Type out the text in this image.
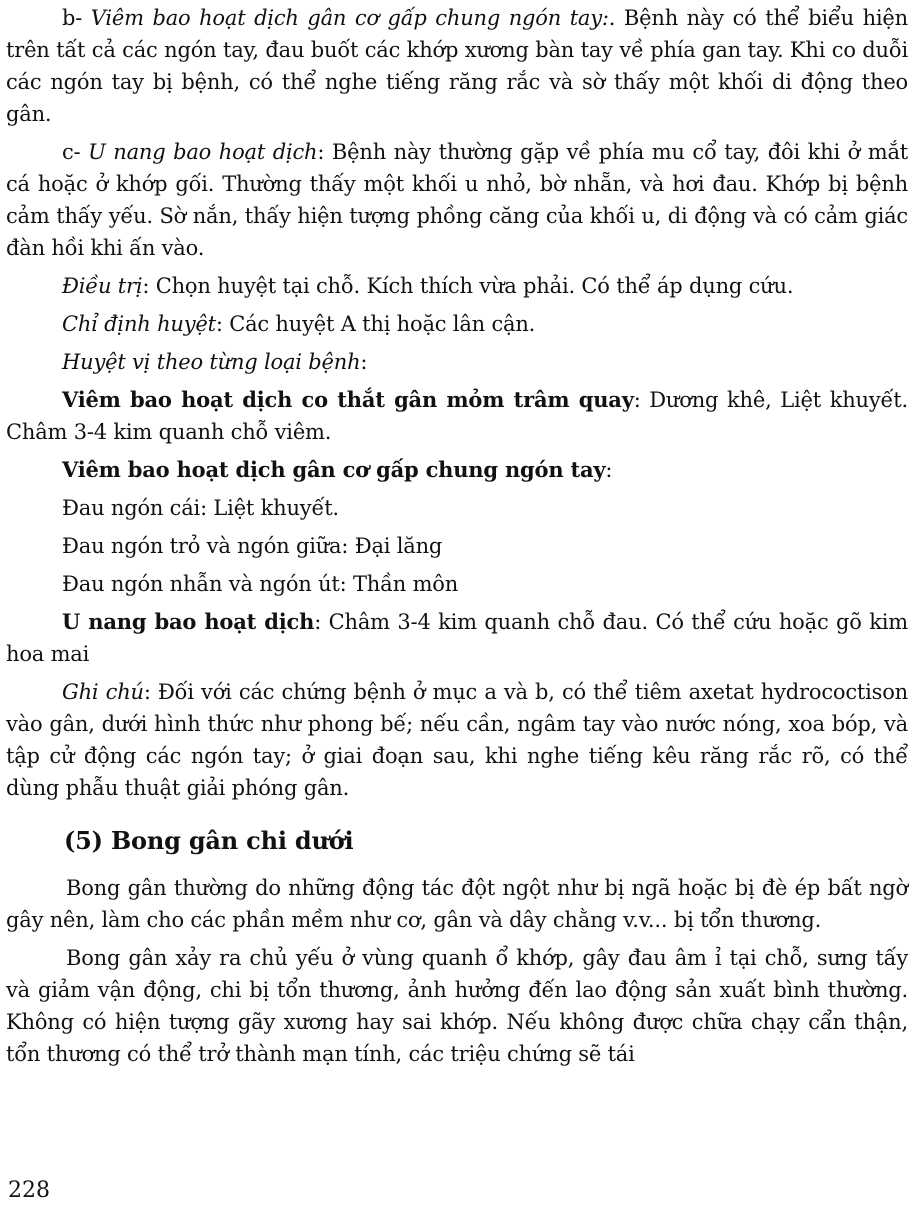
b- Viêm bao hoạt dịch gân cơ gấp chung ngón tay:. Bệnh này có thể biểu hiện trên tất cả các ngón tay, đau buốt các khớp xương bàn tay về phía gan tay. Khi co duỗi các ngón tay bị bệnh, có thể nghe tiếng răng rắc và sờ thấy một khối di động theo gân.

c- U nang bao hoạt dịch: Bệnh này thường gặp về phía mu cổ tay, đôi khi ở mắt cá hoặc ở khớp gối. Thường thấy một khối u nhỏ, bờ nhẵn, và hơi đau. Khớp bị bệnh cảm thấy yếu. Sờ nắn, thấy hiện tượng phồng căng của khối u, di động và có cảm giác đàn hồi khi ấn vào.

Điều trị: Chọn huyệt tại chỗ. Kích thích vừa phải. Có thể áp dụng cứu.

Chỉ định huyệt: Các huyệt A thị hoặc lân cận.

Huyệt vị theo từng loại bệnh:

Viêm bao hoạt dịch co thắt gân mỏm trâm quay: Dương khê, Liệt khuyết. Châm 3-4 kim quanh chỗ viêm.

Viêm bao hoạt dịch gân cơ gấp chung ngón tay:

Đau ngón cái: Liệt khuyết.

Đau ngón trỏ và ngón giữa: Đại lăng

Đau ngón nhẫn và ngón út: Thần môn

U nang bao hoạt dịch: Châm 3-4 kim quanh chỗ đau. Có thể cứu hoặc gõ kim hoa mai

Ghi chú: Đối với các chứng bệnh ở mục a và b, có thể tiêm axetat hydrococtison vào gân, dưới hình thức như phong bế; nếu cần, ngâm tay vào nước nóng, xoa bóp, và tập cử động các ngón tay; ở giai đoạn sau, khi nghe tiếng kêu răng rắc rõ, có thể dùng phẫu thuật giải phóng gân.

(5) Bong gân chi dưới

Bong gân thường do những động tác đột ngột như bị ngã hoặc bị đè ép bất ngờ gây nên, làm cho các phần mềm như cơ, gân và dây chằng v.v... bị tổn thương.

Bong gân xảy ra chủ yếu ở vùng quanh ổ khớp, gây đau âm ỉ tại chỗ, sưng tấy và giảm vận động, chi bị tổn thương, ảnh hưởng đến lao động sản xuất bình thường. Không có hiện tượng gãy xương hay sai khớp. Nếu không được chữa chạy cẩn thận, tổn thương có thể trở thành mạn tính, các triệu chứng sẽ tái

228
